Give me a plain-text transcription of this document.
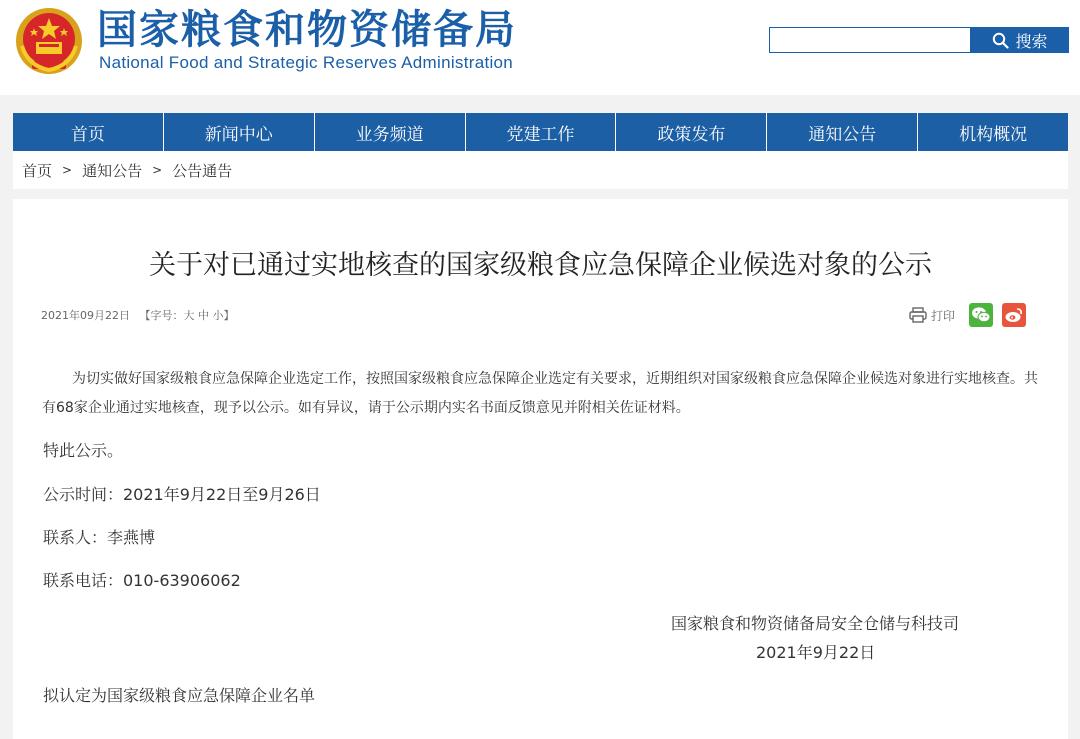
国家粮食和物资储备局
National Food and Strategic Reserves Administration
搜索
首页	新闻中心	业务频道	党建工作	政策发布	通知公告	机构概况
首页 > 通知公告 > 公告通告
关于对已通过实地核查的国家级粮食应急保障企业候选对象的公示
2021年09月22日 【字号：大 中 小】	打印

为切实做好国家级粮食应急保障企业选定工作，按照国家级粮食应急保障企业选定有关要求，近期组织对国家级粮食应急保障企业候选对象进行实地核查。共有68家企业通过实地核查，现予以公示。如有异议，请于公示期内实名书面反馈意见并附相关佐证材料。

特此公示。
公示时间：2021年9月22日至9月26日
联系人：李燕博
联系电话：010-63906062
国家粮食和物资储备局安全仓储与科技司
2021年9月22日
拟认定为国家级粮食应急保障企业名单
